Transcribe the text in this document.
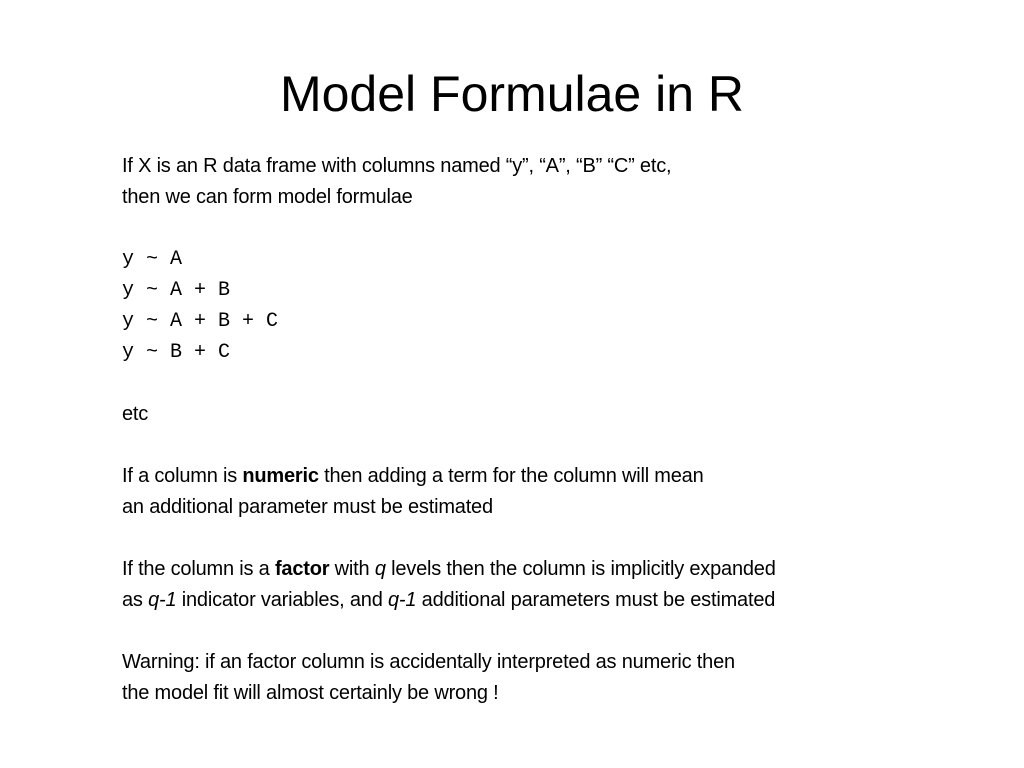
Model Formulae in R
If X is an R data frame with columns named “y”, “A”, “B” “C” etc,
then we can form model formulae
y ~ A
y ~ A + B
y ~ A + B + C
y ~ B + C
etc
If a column is numeric then adding a term for the column will mean
an additional parameter must be estimated
If the column is a factor with q levels then the column is implicitly expanded
as q-1 indicator variables, and q-1 additional parameters must be estimated
Warning: if an factor column is accidentally interpreted as numeric then
the model fit will almost certainly be wrong !
